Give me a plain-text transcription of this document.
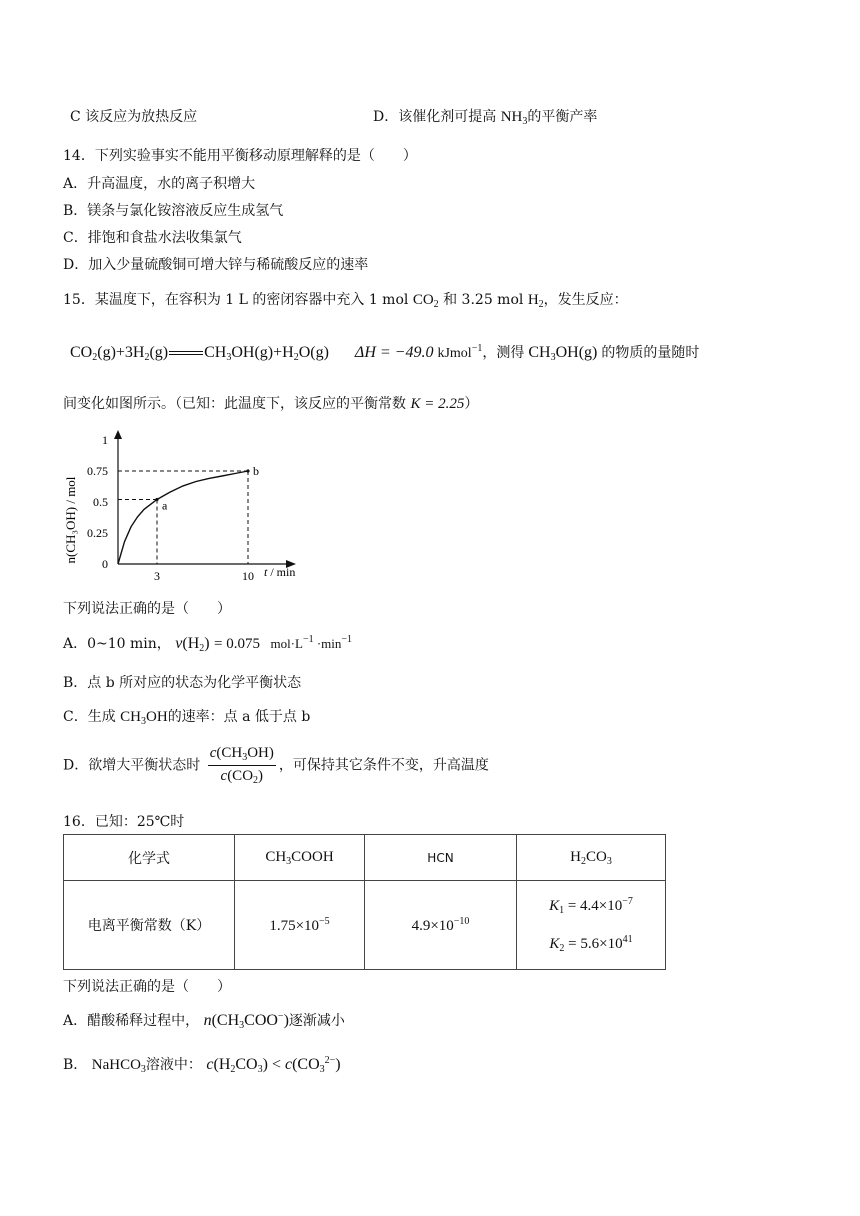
C 该反应为放热反应	D．该催化剂可提高 $NH_3$的平衡产率
14．下列实验事实不能用平衡移动原理解释的是（　　）
A．升高温度，水的离子积增大
B．镁条与氯化铵溶液反应生成氢气
C．排饱和食盐水法收集氯气
D．加入少量硫酸铜可增大锌与稀硫酸反应的速率
15．某温度下，在容积为 1 L 的密闭容器中充入 1 mol $CO_2$ 和 3.25 mol $H_2$，发生反应：
$CO_2(g)+3H_2(g)$ $CH_3OH(g)+H_2O(g) \Delta H = -49.0$ kJmol$^{-1}$，测得 $CH_3OH(g)$ 的物质的量随时
间变化如图所示。（已知：此温度下，该反应的平衡常数 K = 2.25）
n(CH₃OH) / mol
1
0.75
0.5
0.25
0
3	10
a
b
t / min
下列说法正确的是（　　）
A．0~10 min， $v(H_2) = 0.075$ $mol\cdot L^{-1} \cdot\min^{-1}$
B．点 b 所对应的状态为化学平衡状态
C．生成 $CH_3OH$的速率：点 a 低于点 b
D．欲增大平衡状态时 $\frac{c(CH_3OH)}{c(CO_2)}$ ，可保持其它条件不变，升高温度
16．已知：25℃时
化学式	$CH_3COOH$	HCN	$H_2CO_3$
电离平衡常数（K）	$1.75\times 10^{-5}$	$4.9\times 10^{-10}$	$K_1 = 4.4\times 10^{-7}$
$K_2 = 5.6\times 10^{41}$
下列说法正确的是（　　）
A．醋酸稀释过程中， $n(CH_3COO^-)$逐渐减小
B． NaHCO$_3$溶液中： $c(H_2CO_3) < c(CO_3^{2-})$
